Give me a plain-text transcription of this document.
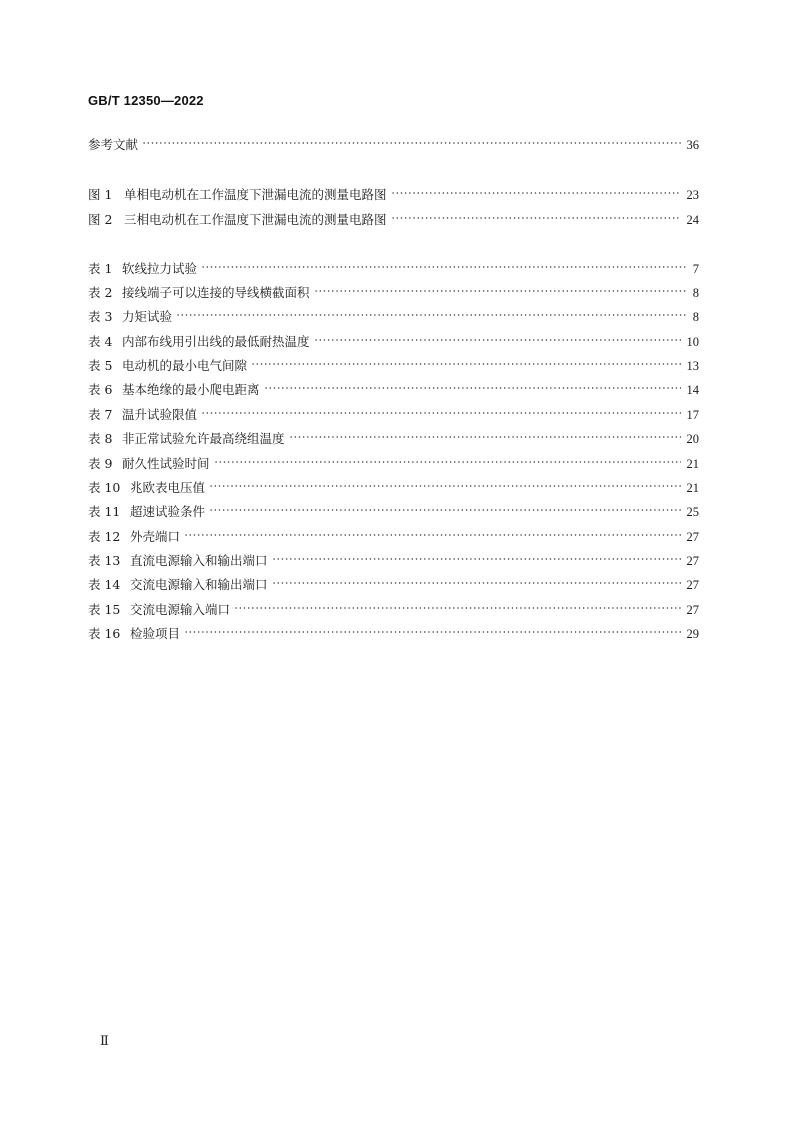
GB/T 12350—2022
参考文献	36
图 1 单相电动机在工作温度下泄漏电流的测量电路图	23
图 2 三相电动机在工作温度下泄漏电流的测量电路图	24
表 1 软线拉力试验	7
表 2 接线端子可以连接的导线横截面积	8
表 3 力矩试验	8
表 4 内部布线用引出线的最低耐热温度	10
表 5 电动机的最小电气间隙	13
表 6 基本绝缘的最小爬电距离	14
表 7 温升试验限值	17
表 8 非正常试验允许最高绕组温度	20
表 9 耐久性试验时间	21
表 10 兆欧表电压值	21
表 11 超速试验条件	25
表 12 外壳端口	27
表 13 直流电源输入和输出端口	27
表 14 交流电源输入和输出端口	27
表 15 交流电源输入端口	27
表 16 检验项目	29
Ⅱ
